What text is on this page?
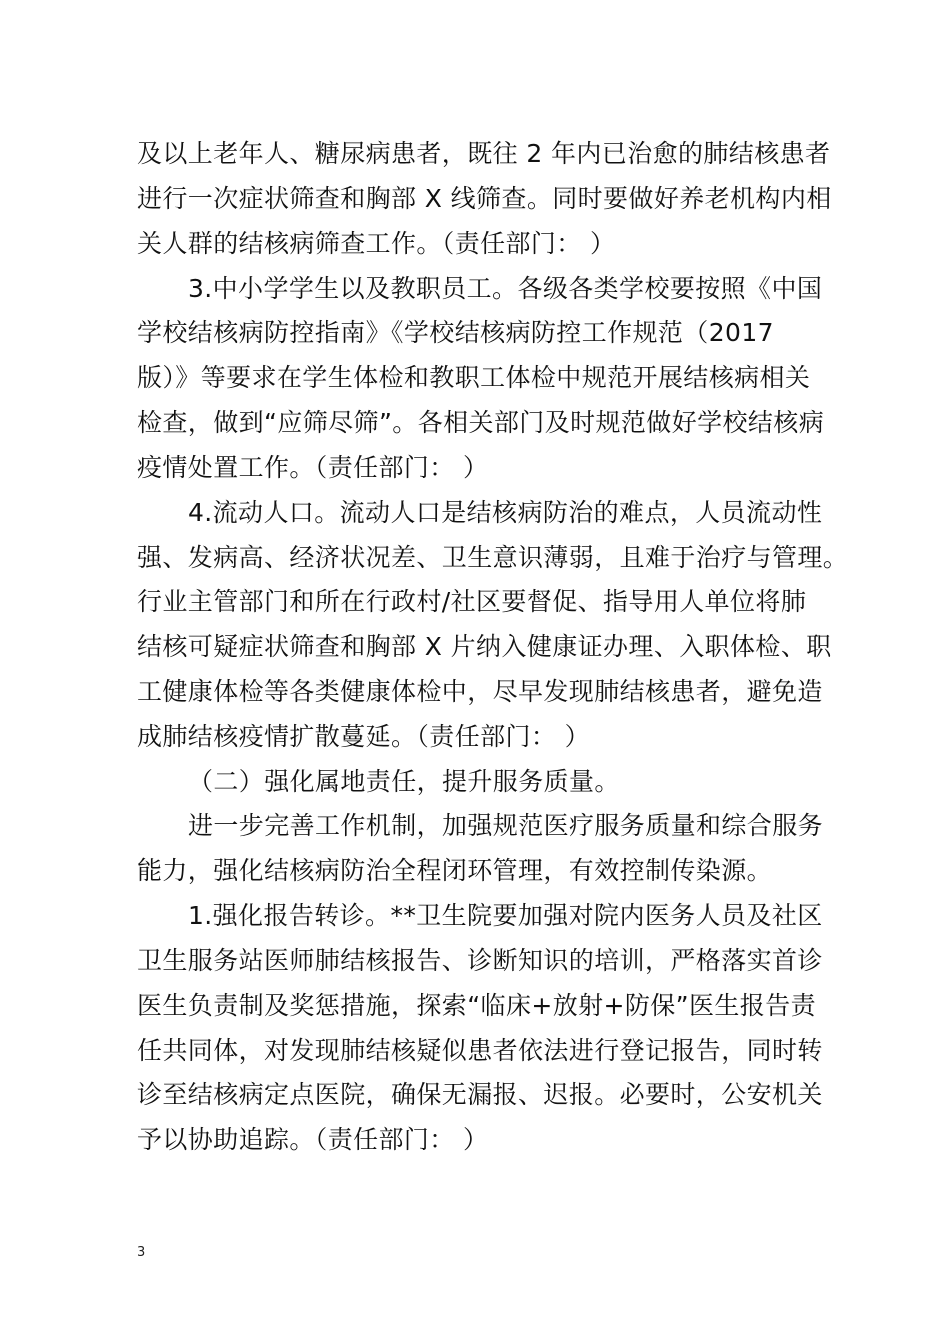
及以上老年人、糖尿病患者，既往 2 年内已治愈的肺结核患者
进行一次症状筛查和胸部 X 线筛查。同时要做好养老机构内相
关人群的结核病筛查工作。（责任部门： ）
3.中小学学生以及教职员工。各级各类学校要按照《中国
学校结核病防控指南》《学校结核病防控工作规范（2017
版）》等要求在学生体检和教职工体检中规范开展结核病相关
检查，做到“应筛尽筛”。各相关部门及时规范做好学校结核病
疫情处置工作。（责任部门： ）
4.流动人口。流动人口是结核病防治的难点，人员流动性
强、发病高、经济状况差、卫生意识薄弱，且难于治疗与管理。
行业主管部门和所在行政村/社区要督促、指导用人单位将肺
结核可疑症状筛查和胸部 X 片纳入健康证办理、入职体检、职
工健康体检等各类健康体检中，尽早发现肺结核患者，避免造
成肺结核疫情扩散蔓延。（责任部门： ）
（二）强化属地责任，提升服务质量。
进一步完善工作机制，加强规范医疗服务质量和综合服务
能力，强化结核病防治全程闭环管理，有效控制传染源。
1.强化报告转诊。**卫生院要加强对院内医务人员及社区
卫生服务站医师肺结核报告、诊断知识的培训，严格落实首诊
医生负责制及奖惩措施，探索“临床+放射+防保”医生报告责
任共同体，对发现肺结核疑似患者依法进行登记报告，同时转
诊至结核病定点医院，确保无漏报、迟报。必要时，公安机关
予以协助追踪。（责任部门： ）
3
